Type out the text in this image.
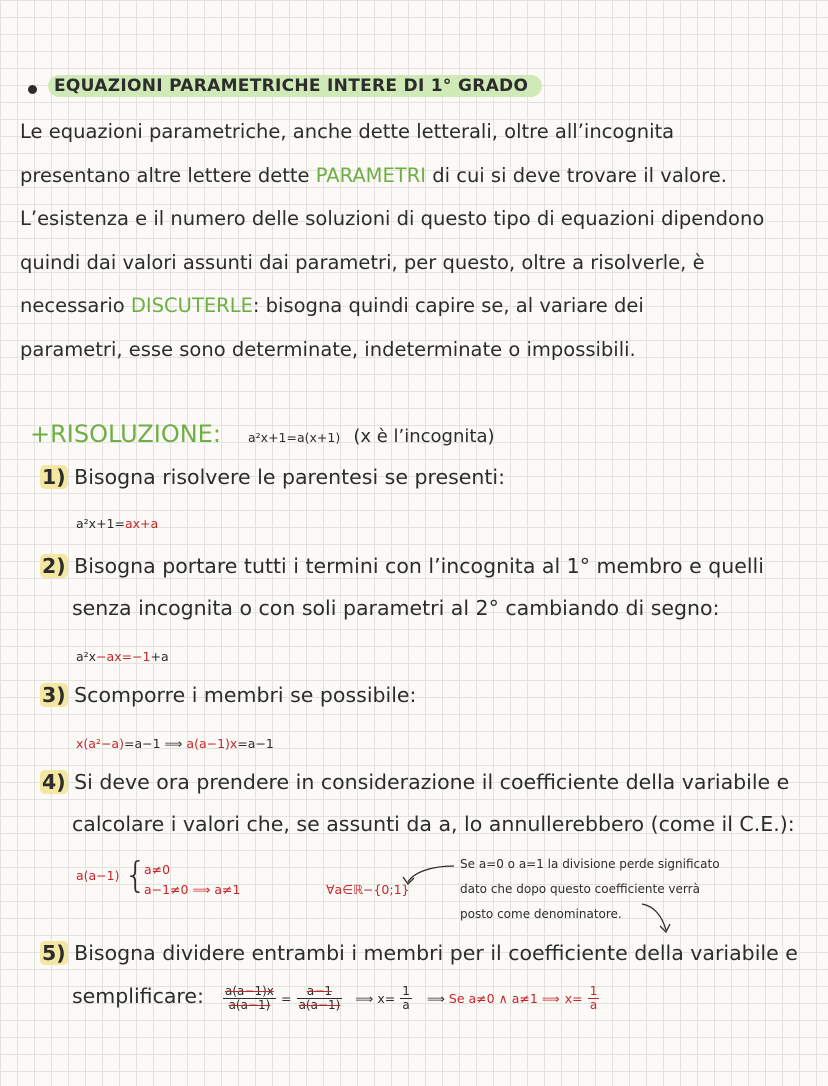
EQUAZIONI PARAMETRICHE INTERE DI 1° GRADO
Le equazioni parametriche, anche dette letterali, oltre all’incognita
presentano altre lettere dette PARAMETRI di cui si deve trovare il valore.
L’esistenza e il numero delle soluzioni di questo tipo di equazioni dipendono
quindi dai valori assunti dai parametri, per questo, oltre a risolverle, è
necessario DISCUTERLE: bisogna quindi capire se, al variare dei
parametri, esse sono determinate, indeterminate o impossibili.
+RISOLUZIONE: a²x+1=a(x+1) (x è l’incognita)
1) Bisogna risolvere le parentesi se presenti:
a²x+1=ax+a
2) Bisogna portare tutti i termini con l’incognita al 1° membro e quelli
senza incognita o con soli parametri al 2° cambiando di segno:
a²x−ax=−1+a
3) Scomporre i membri se possibile:
x(a²−a)=a−1 ⟹ a(a−1)x=a−1
4) Si deve ora prendere in considerazione il coefficiente della variabile e
calcolare i valori che, se assunti da a, lo annullerebbero (come il C.E.):
a(a−1) {
a≠0
a−1≠0 ⟹ a≠1	∀a∈ℝ−{0;1}
Se a=0 o a=1 la divisione perde significato
dato che dopo questo coefficiente verrà
posto come denominatore.
5) Bisogna dividere entrambi i membri per il coefficiente della variabile e
semplificare: $\frac{a(a-1)x}{a(a-1)} = \frac{a-1}{a(a-1)}$ ⟹ $x= \frac{1}{a}$ ⟹ Se a≠0 ∧ a≠1 ⟹ $x= \frac{1}{a}$
